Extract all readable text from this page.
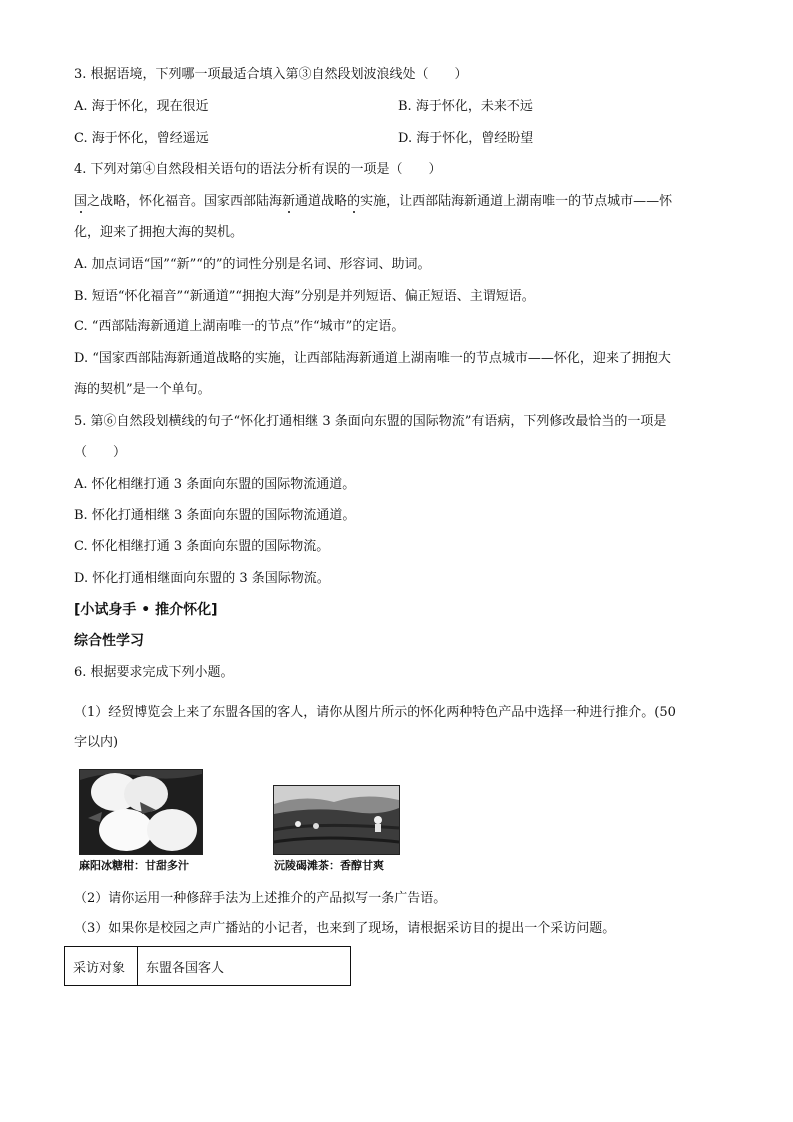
3. 根据语境，下列哪一项最适合填入第③自然段划波浪线处（　　）
A. 海于怀化，现在很近	B. 海于怀化，未来不远
C. 海于怀化，曾经遥远	D. 海于怀化，曾经盼望
4. 下列对第④自然段相关语句的语法分析有误的一项是（　　）
国之战略，怀化福音。国家西部陆海新通道战略的实施，让西部陆海新通道上湖南唯一的节点城市——怀
化，迎来了拥抱大海的契机。
A. 加点词语“国”“新”“的”的词性分别是名词、形容词、助词。
B. 短语“怀化福音”“新通道”“拥抱大海”分别是并列短语、偏正短语、主谓短语。
C. “西部陆海新通道上湖南唯一的节点”作“城市”的定语。
D. “国家西部陆海新通道战略的实施，让西部陆海新通道上湖南唯一的节点城市——怀化，迎来了拥抱大
海的契机”是一个单句。
5. 第⑥自然段划横线的句子“怀化打通相继 3 条面向东盟的国际物流”有语病，下列修改最恰当的一项是
（　　）
A. 怀化相继打通 3 条面向东盟的国际物流通道。
B. 怀化打通相继 3 条面向东盟的国际物流通道。
C. 怀化相继打通 3 条面向东盟的国际物流。
D. 怀化打通相继面向东盟的 3 条国际物流。
[小试身手 • 推介怀化]
综合性学习
6. 根据要求完成下列小题。
（1）经贸博览会上来了东盟各国的客人，请你从图片所示的怀化两种特色产品中选择一种进行推介。(50
字以内)
麻阳冰糖柑：甘甜多汁	沅陵碣滩茶：香醇甘爽
（2）请你运用一种修辞手法为上述推介的产品拟写一条广告语。
（3）如果你是校园之声广播站的小记者，也来到了现场，请根据采访目的提出一个采访问题。
采访对象	东盟各国客人
